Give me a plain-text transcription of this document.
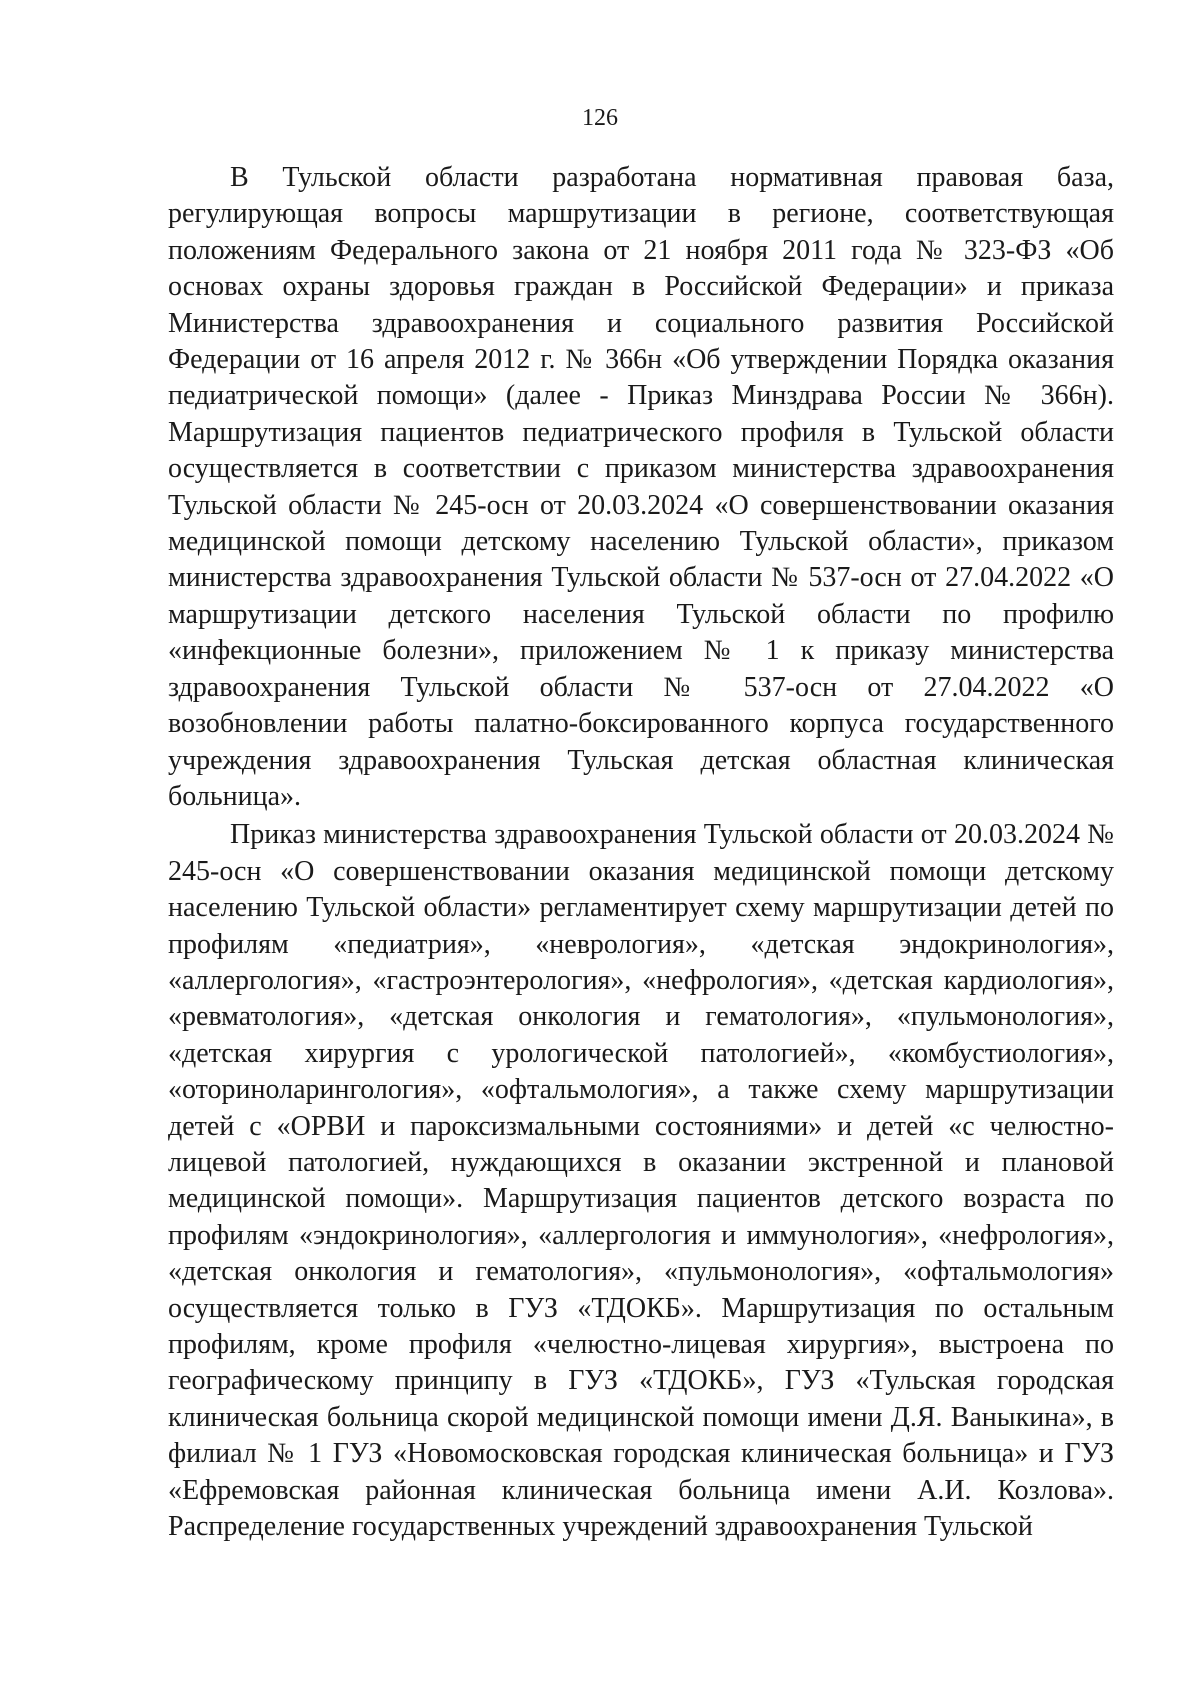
126

В Тульской области разработана нормативная правовая база, регулирующая вопросы маршрутизации в регионе, соответствующая положениям Федерального закона от 21 ноября 2011 года № 323-ФЗ «Об основах охраны здоровья граждан в Российской Федерации» и приказа Министерства здравоохранения и социального развития Российской Федерации от 16 апреля 2012 г. № 366н «Об утверждении Порядка оказания педиатрической помощи» (далее - Приказ Минздрава России № 366н). Маршрутизация пациентов педиатрического профиля в Тульской области осуществляется в соответствии с приказом министерства здравоохранения Тульской области № 245-осн от 20.03.2024 «О совершенствовании оказания медицинской помощи детскому населению Тульской области», приказом министерства здравоохранения Тульской области № 537-осн от 27.04.2022 «О маршрутизации детского населения Тульской области по профилю «инфекционные болезни», приложением № 1 к приказу министерства здравоохранения Тульской области № 537-осн от 27.04.2022 «О возобновлении работы палатно-боксированного корпуса государственного учреждения здравоохранения Тульская детская областная клиническая больница».

Приказ министерства здравоохранения Тульской области от 20.03.2024 № 245-осн «О совершенствовании оказания медицинской помощи детскому населению Тульской области» регламентирует схему маршрутизации детей по профилям «педиатрия», «неврология», «детская эндокринология», «аллергология», «гастроэнтерология», «нефрология», «детская кардиология», «ревматология», «детская онкология и гематология», «пульмонология», «детская хирургия с урологической патологией», «комбустиология», «оториноларингология», «офтальмология», а также схему маршрутизации детей с «ОРВИ и пароксизмальными состояниями» и детей «с челюстно-лицевой патологией, нуждающихся в оказании экстренной и плановой медицинской помощи». Маршрутизация пациентов детского возраста по профилям «эндокринология», «аллергология и иммунология», «нефрология», «детская онкология и гематология», «пульмонология», «офтальмология» осуществляется только в ГУЗ «ТДОКБ». Маршрутизация по остальным профилям, кроме профиля «челюстно-лицевая хирургия», выстроена по географическому принципу в ГУЗ «ТДОКБ», ГУЗ «Тульская городская клиническая больница скорой медицинской помощи имени Д.Я. Ваныкина», в филиал № 1 ГУЗ «Новомосковская городская клиническая больница» и ГУЗ «Ефремовская районная клиническая больница имени А.И. Козлова». Распределение государственных учреждений здравоохранения Тульской
